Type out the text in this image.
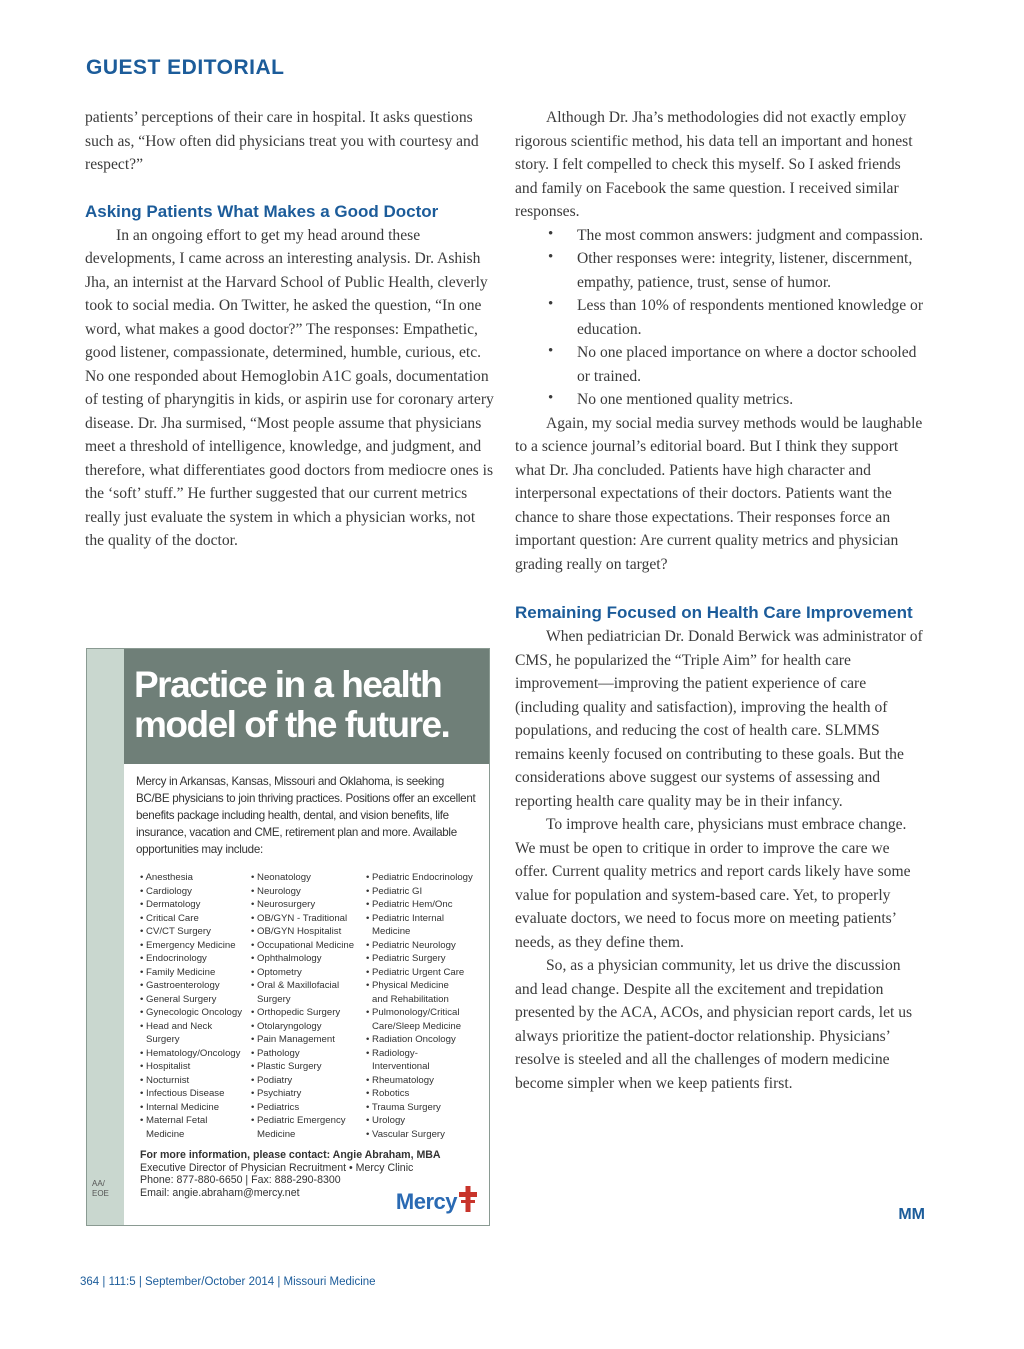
GUEST EDITORIAL

patients’ perceptions of their care in hospital. It asks questions such as, “How often did physicians treat you with courtesy and respect?”

Asking Patients What Makes a Good Doctor

In an ongoing effort to get my head around these developments, I came across an interesting analysis. Dr. Ashish Jha, an internist at the Harvard School of Public Health, cleverly took to social media. On Twitter, he asked the question, “In one word, what makes a good doctor?” The responses: Empathetic, good listener, compassionate, determined, humble, curious, etc. No one responded about Hemoglobin A1C goals, documentation of testing of pharyngitis in kids, or aspirin use for coronary artery disease. Dr. Jha surmised, “Most people assume that physicians meet a threshold of intelligence, knowledge, and judgment, and therefore, what differentiates good doctors from mediocre ones is the ‘soft’ stuff.” He further suggested that our current metrics really just evaluate the system in which a physician works, not the quality of the doctor.

Although Dr. Jha’s methodologies did not exactly employ rigorous scientific method, his data tell an important and honest story. I felt compelled to check this myself. So I asked friends and family on Facebook the same question. I received similar responses.

• The most common answers: judgment and compassion.
• Other responses were: integrity, listener, discernment, empathy, patience, trust, sense of humor.
• Less than 10% of respondents mentioned knowledge or education.
• No one placed importance on where a doctor schooled or trained.
• No one mentioned quality metrics.

Again, my social media survey methods would be laughable to a science journal’s editorial board. But I think they support what Dr. Jha concluded. Patients have high character and interpersonal expectations of their doctors. Patients want the chance to share those expectations. Their responses force an important question: Are current quality metrics and physician grading really on target?

Remaining Focused on Health Care Improvement

When pediatrician Dr. Donald Berwick was administrator of CMS, he popularized the “Triple Aim” for health care improvement—improving the patient experience of care (including quality and satisfaction), improving the health of populations, and reducing the cost of health care. SLMMS remains keenly focused on contributing to these goals. But the considerations above suggest our systems of assessing and reporting health care quality may be in their infancy.

To improve health care, physicians must embrace change. We must be open to critique in order to improve the care we offer. Current quality metrics and report cards likely have some value for population and system-based care. Yet, to properly evaluate doctors, we need to focus more on meeting patients’ needs, as they define them.

So, as a physician community, let us drive the discussion and lead change. Despite all the excitement and trepidation presented by the ACA, ACOs, and physician report cards, let us always prioritize the patient-doctor relationship. Physicians’ resolve is steeled and all the challenges of modern medicine become simpler when we keep patients first.

MM
AA/
EOE
Practice in a health
model of the future.
Mercy in Arkansas, Kansas, Missouri and Oklahoma, is seeking BC/BE physicians to join thriving practices. Positions offer an excellent benefits package including health, dental, and vision benefits, life insurance, vacation and CME, retirement plan and more. Available opportunities may include:
• Anesthesia
• Cardiology
• Dermatology
• Critical Care
• CV/CT Surgery
• Emergency Medicine
• Endocrinology
• Family Medicine
• Gastroenterology
• General Surgery
• Gynecologic Oncology
• Head and Neck
Surgery
• Hematology/Oncology
• Hospitalist
• Nocturnist
• Infectious Disease
• Internal Medicine
• Maternal Fetal
Medicine
• Neonatology
• Neurology
• Neurosurgery
• OB/GYN - Traditional
• OB/GYN Hospitalist
• Occupational Medicine
• Ophthalmology
• Optometry
• Oral & Maxillofacial
Surgery
• Orthopedic Surgery
• Otolaryngology
• Pain Management
• Pathology
• Plastic Surgery
• Podiatry
• Psychiatry
• Pediatrics
• Pediatric Emergency
Medicine
• Pediatric Endocrinology
• Pediatric GI
• Pediatric Hem/Onc
• Pediatric Internal
Medicine
• Pediatric Neurology
• Pediatric Surgery
• Pediatric Urgent Care
• Physical Medicine
and Rehabilitation
• Pulmonology/Critical
Care/Sleep Medicine
• Radiation Oncology
• Radiology-
Interventional
• Rheumatology
• Robotics
• Trauma Surgery
• Urology
• Vascular Surgery
For more information, please contact: Angie Abraham, MBA
Executive Director of Physician Recruitment • Mercy Clinic
Phone: 877-880-6650 | Fax: 888-290-8300
Email: angie.abraham@mercy.net	Mercy
364 | 111:5 | September/October 2014 | Missouri Medicine
